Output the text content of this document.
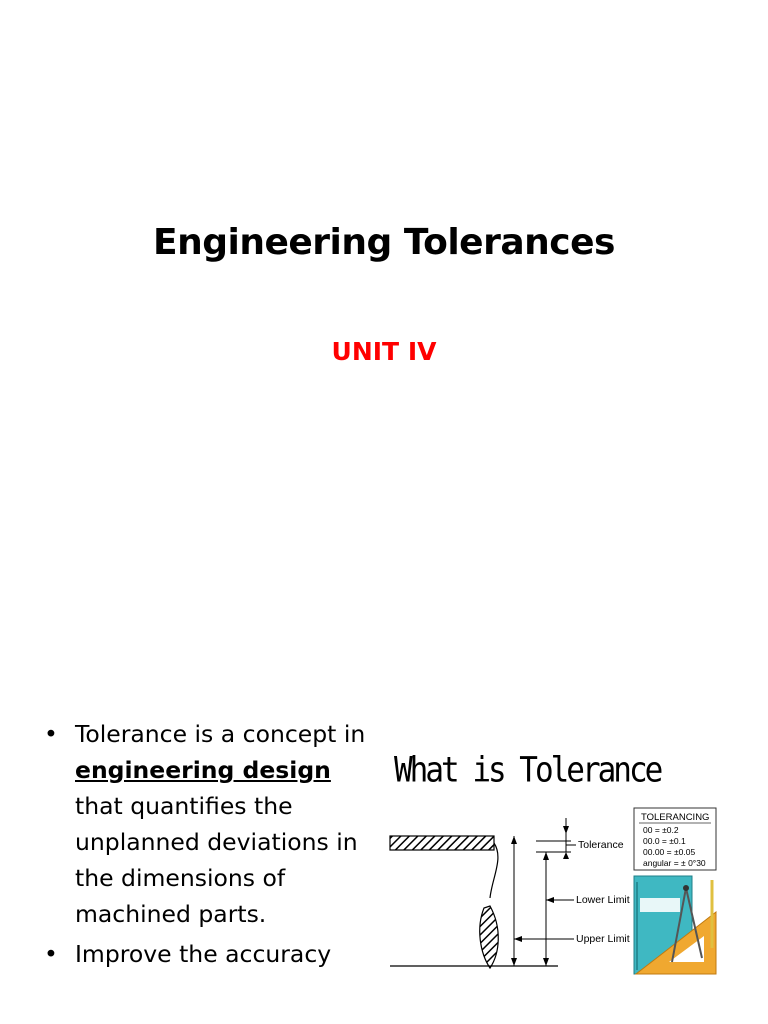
Engineering Tolerances
UNIT IV
• Tolerance is a concept in engineering design
that quantifies the unplanned deviations in the dimensions of machined parts.
• Improve the accuracy
What is Tolerance
Tolerance
Lower Limit
Upper Limit
TOLERANCING
00 = ±0.2
00.0 = ±0.1
00.00 = ±0.05
angular = ± 0°30
